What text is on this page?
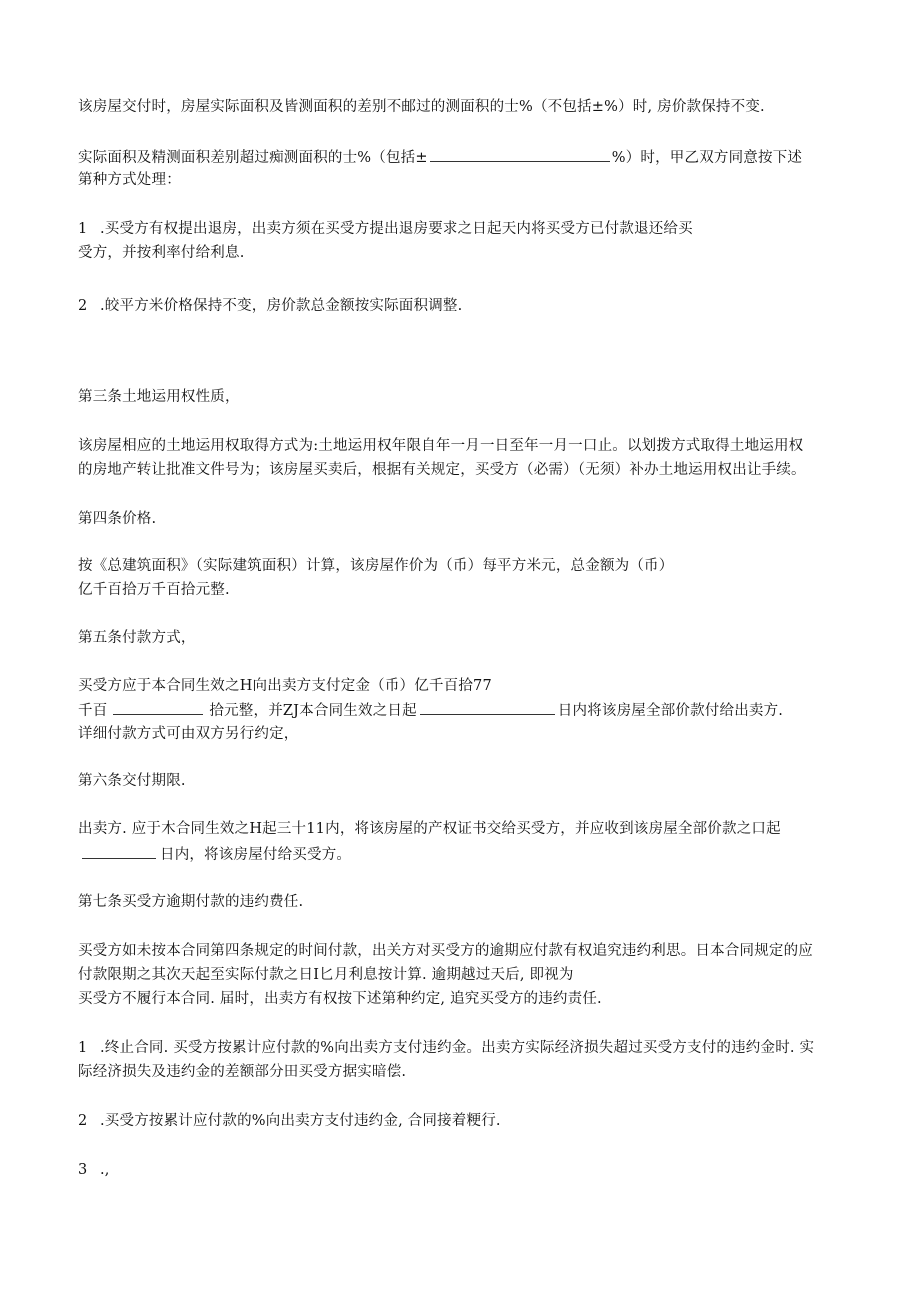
该房屋交付时，房屋实际面积及皆测面积的差别不邮过的测面积的士%（不包括±%）时, 房价款保持不变.
实际面积及精测面积差别超过痴测面积的士%（包括±	%）时，甲乙双方同意按下述
第种方式处理：
1 .买受方有权提出退房，出卖方须在买受方提出退房要求之日起天内将买受方已付款退还给买
受方，并按利率付给利息.
2 .皎平方米价格保持不变，房价款总金额按实际面积调整.
第三条土地运用权性质，
该房屋相应的土地运用权取得方式为:土地运用权年限自年一月一日至年一月一口止。以划拨方式取得土地运用权
的房地产转让批准文件号为；该房屋买卖后，根据有关规定，买受方（必需）（无须）补办土地运用权出让手续。
第四条价格.
按《总建筑面积》（实际建筑面积）计算，该房屋作价为（币）每平方米元，总金额为（币）
亿千百拾万千百拾元整.
第五条付款方式，
买受方应于本合同生效之H向出卖方支付定金（币）亿千百拾77
千百	拾元整，并ZJ本合同生效之日起	日内将该房屋全部价款付给出卖方.
详细付款方式可由双方另行约定，
第六条交付期限.
出卖方. 应于木合同生效之H起三十11内，将该房屋的产权证书交给买受方，并应收到该房屋全部价款之口起
日内，将该房屋付给买受方。
第七条买受方逾期付款的违约费任.
买受方如未按本合同第四条规定的时间付款，出关方对买受方的逾期应付款有权追究违约利思。日本合同规定的应
付款限期之其次天起至实际付款之日I匕月利息按计算. 逾期越过天后, 即视为
买受方不履行本合同. 届时，出卖方有权按下述第种约定, 追究买受方的违约责任.
1 .终止合同. 买受方按累计应付款的%向出卖方支付违约金。出卖方实际经济损失超过买受方支付的违约金时. 实
际经济损失及违约金的差额部分田买受方据实暗偿.
2 .买受方按累计应付款的%向出卖方支付违约金, 合同接着粳行.
3 .,
